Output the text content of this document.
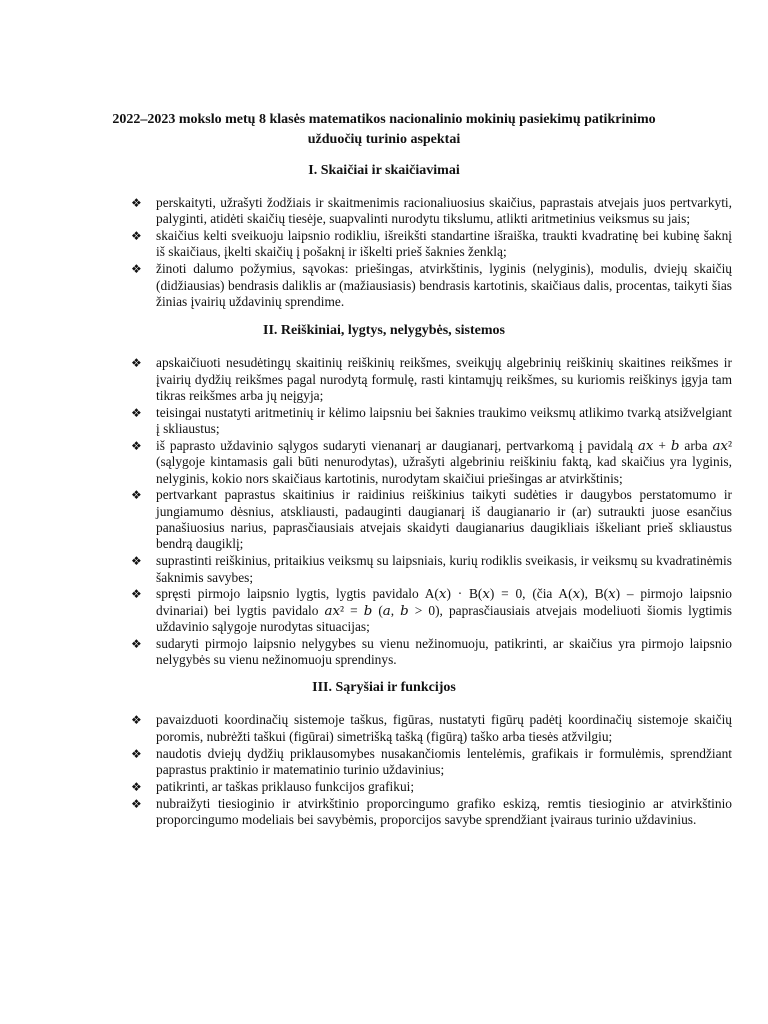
2022–2023 mokslo metų 8 klasės matematikos nacionalinio mokinių pasiekimų patikrinimo
užduočių turinio aspektai
I. Skaičiai ir skaičiavimai
❖ perskaityti, užrašyti žodžiais ir skaitmenimis racionaliuosius skaičius, paprastais atvejais juos pertvarkyti, palyginti, atidėti skaičių tiesėje, suapvalinti nurodytu tikslumu, atlikti aritmetinius veiksmus su jais;
❖ skaičius kelti sveikuoju laipsnio rodikliu, išreikšti standartine išraiška, traukti kvadratinę bei kubinę šaknį iš skaičiaus, įkelti skaičių į pošaknį ir iškelti prieš šaknies ženklą;
❖ žinoti dalumo požymius, sąvokas: priešingas, atvirkštinis, lyginis (nelyginis), modulis, dviejų skaičių (didžiausias) bendrasis daliklis ar (mažiausiasis) bendrasis kartotinis, skaičiaus dalis, procentas, taikyti šias žinias įvairių uždavinių sprendime.
II. Reiškiniai, lygtys, nelygybės, sistemos
❖ apskaičiuoti nesudėtingų skaitinių reiškinių reikšmes, sveikųjų algebrinių reiškinių skaitines reikšmes ir įvairių dydžių reikšmes pagal nurodytą formulę, rasti kintamųjų reikšmes, su kuriomis reiškinys įgyja tam tikras reikšmes arba jų neįgyja;
❖ teisingai nustatyti aritmetinių ir kėlimo laipsniu bei šaknies traukimo veiksmų atlikimo tvarką atsižvelgiant į skliaustus;
❖ iš paprasto uždavinio sąlygos sudaryti vienanarį ar daugianarį, pertvarkomą į pavidalą 𝑎𝑥 + 𝑏 arba 𝑎𝑥² (sąlygoje kintamasis gali būti nenurodytas), užrašyti algebriniu reiškiniu faktą, kad skaičius yra lyginis, nelyginis, kokio nors skaičiaus kartotinis, nurodytam skaičiui priešingas ar atvirkštinis;
❖ pertvarkant paprastus skaitinius ir raidinius reiškinius taikyti sudėties ir daugybos perstatomumo ir jungiamumo dėsnius, atskliausti, padauginti daugianarį iš daugianario ir (ar) sutraukti juose esančius panašiuosius narius, paprasčiausiais atvejais skaidyti daugianarius daugikliais iškeliant prieš skliaustus bendrą daugiklį;
❖ suprastinti reiškinius, pritaikius veiksmų su laipsniais, kurių rodiklis sveikasis, ir veiksmų su kvadratinėmis šaknimis savybes;
❖ spręsti pirmojo laipsnio lygtis, lygtis pavidalo A(𝑥) · B(𝑥) = 0, (čia A(𝑥), B(𝑥) – pirmojo laipsnio dvinariai) bei lygtis pavidalo 𝑎𝑥² = 𝑏 (𝑎, 𝑏 > 0), paprasčiausiais atvejais modeliuoti šiomis lygtimis uždavinio sąlygoje nurodytas situacijas;
❖ sudaryti pirmojo laipsnio nelygybes su vienu nežinomuoju, patikrinti, ar skaičius yra pirmojo laipsnio nelygybės su vienu nežinomuoju sprendinys.
III. Sąryšiai ir funkcijos
❖ pavaizduoti koordinačių sistemoje taškus, figūras, nustatyti figūrų padėtį koordinačių sistemoje skaičių poromis, nubrėžti taškui (figūrai) simetrišką tašką (figūrą) taško arba tiesės atžvilgiu;
❖ naudotis dviejų dydžių priklausomybes nusakančiomis lentelėmis, grafikais ir formulėmis, sprendžiant paprastus praktinio ir matematinio turinio uždavinius;
❖ patikrinti, ar taškas priklauso funkcijos grafikui;
❖ nubraižyti tiesioginio ir atvirkštinio proporcingumo grafiko eskizą, remtis tiesioginio ar atvirkštinio proporcingumo modeliais bei savybėmis, proporcijos savybe sprendžiant įvairaus turinio uždavinius.
